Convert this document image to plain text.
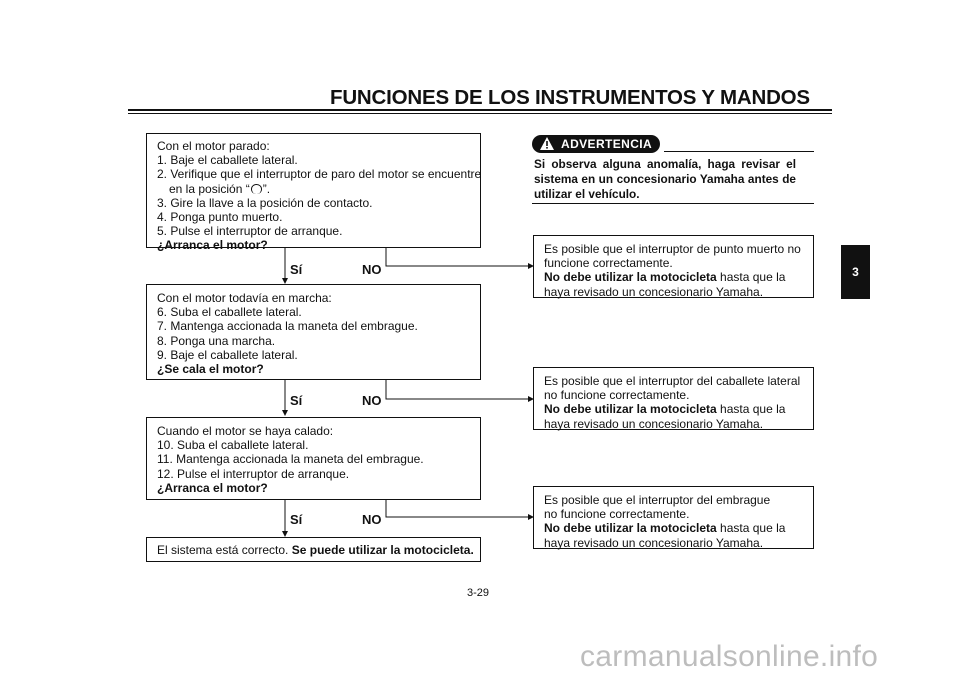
FUNCIONES DE LOS INSTRUMENTOS Y MANDOS
Con el motor parado:
1. Baje el caballete lateral.
2. Verifique que el interruptor de paro del motor se encuentre
en la posición “ ”.
3. Gire la llave a la posición de contacto.
4. Ponga punto muerto.
5. Pulse el interruptor de arranque.
¿Arranca el motor?
Sí	NO
Con el motor todavía en marcha:
6. Suba el caballete lateral.
7. Mantenga accionada la maneta del embrague.
8. Ponga una marcha.
9. Baje el caballete lateral.
¿Se cala el motor?
Sí	NO
Cuando el motor se haya calado:
10. Suba el caballete lateral.
11. Mantenga accionada la maneta del embrague.
12. Pulse el interruptor de arranque.
¿Arranca el motor?
Sí	NO
El sistema está correcto. Se puede utilizar la motocicleta.
Es posible que el interruptor de punto muerto no
funcione correctamente.
No debe utilizar la motocicleta hasta que la
haya revisado un concesionario Yamaha.
Es posible que el interruptor del caballete lateral
no funcione correctamente.
No debe utilizar la motocicleta hasta que la
haya revisado un concesionario Yamaha.
Es posible que el interruptor del embrague
no funcione correctamente.
No debe utilizar la motocicleta hasta que la
haya revisado un concesionario Yamaha.
ADVERTENCIA
Si observa alguna anomalía, haga revisar el sistema en un concesionario Yamaha antes de utilizar el vehículo.
3
3-29
carmanualsonline.info
